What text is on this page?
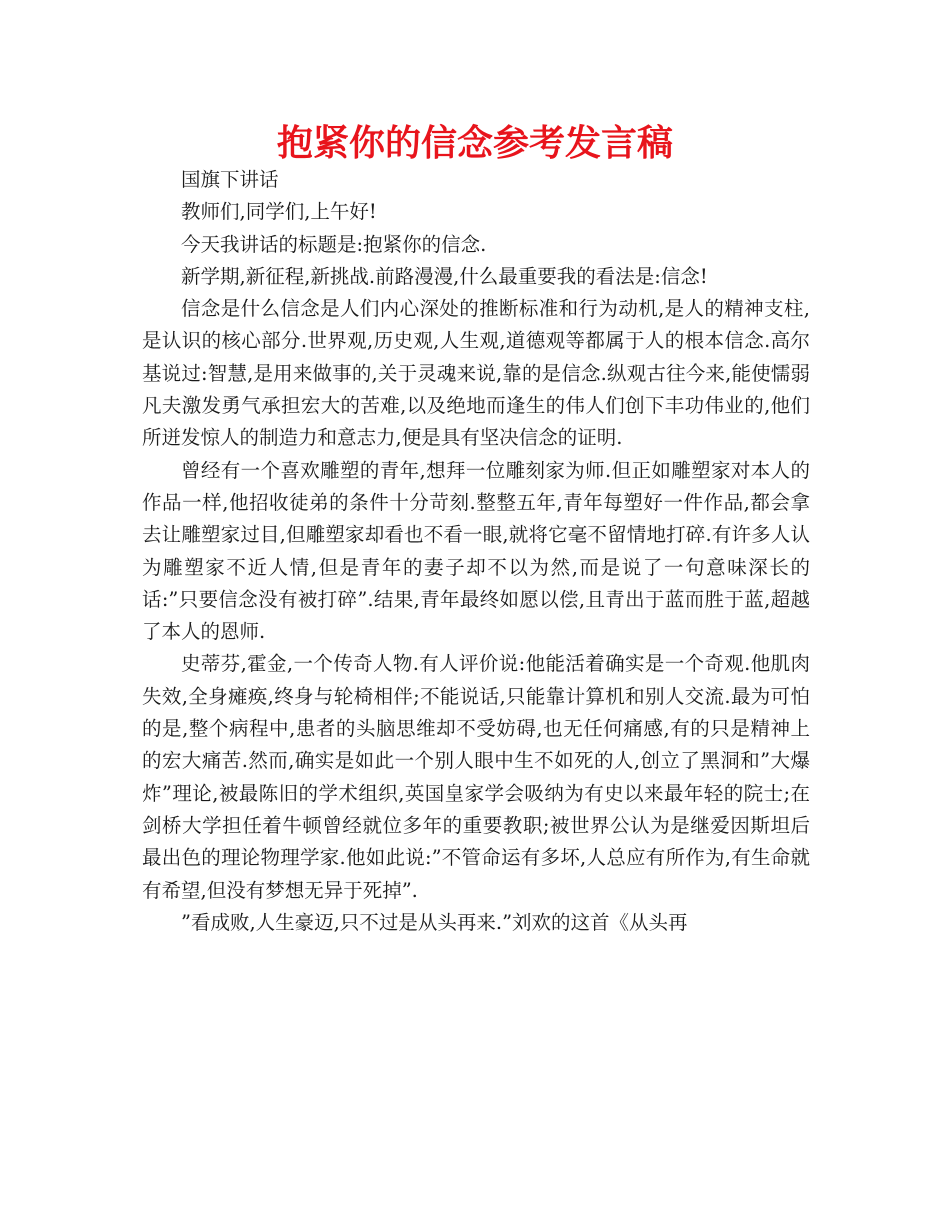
抱紧你的信念参考发言稿

国旗下讲话

教师们,同学们,上午好!

今天我讲话的标题是:抱紧你的信念.

新学期,新征程,新挑战.前路漫漫,什么最重要我的看法是:信念!

信念是什么信念是人们内心深处的推断标准和行为动机,是人的精神支柱,是认识的核心部分.世界观,历史观,人生观,道德观等都属于人的根本信念.高尔基说过:智慧,是用来做事的,关于灵魂来说,靠的是信念.纵观古往今来,能使懦弱凡夫激发勇气承担宏大的苦难,以及绝地而逢生的伟人们创下丰功伟业的,他们所迸发惊人的制造力和意志力,便是具有坚决信念的证明.

曾经有一个喜欢雕塑的青年,想拜一位雕刻家为师.但正如雕塑家对本人的作品一样,他招收徒弟的条件十分苛刻.整整五年,青年每塑好一件作品,都会拿去让雕塑家过目,但雕塑家却看也不看一眼,就将它毫不留情地打碎.有许多人认为雕塑家不近人情,但是青年的妻子却不以为然,而是说了一句意味深长的话:”只要信念没有被打碎”.结果,青年最终如愿以偿,且青出于蓝而胜于蓝,超越了本人的恩师.

史蒂芬,霍金,一个传奇人物.有人评价说:他能活着确实是一个奇观.他肌肉失效,全身瘫痪,终身与轮椅相伴;不能说话,只能靠计算机和别人交流.最为可怕的是,整个病程中,患者的头脑思维却不受妨碍,也无任何痛感,有的只是精神上的宏大痛苦.然而,确实是如此一个别人眼中生不如死的人,创立了黑洞和”大爆炸”理论,被最陈旧的学术组织,英国皇家学会吸纳为有史以来最年轻的院士;在剑桥大学担任着牛顿曾经就位多年的重要教职;被世界公认为是继爱因斯坦后最出色的理论物理学家.他如此说:”不管命运有多坏,人总应有所作为,有生命就有希望,但没有梦想无异于死掉”.

”看成败,人生豪迈,只不过是从头再来.”刘欢的这首《从头再
